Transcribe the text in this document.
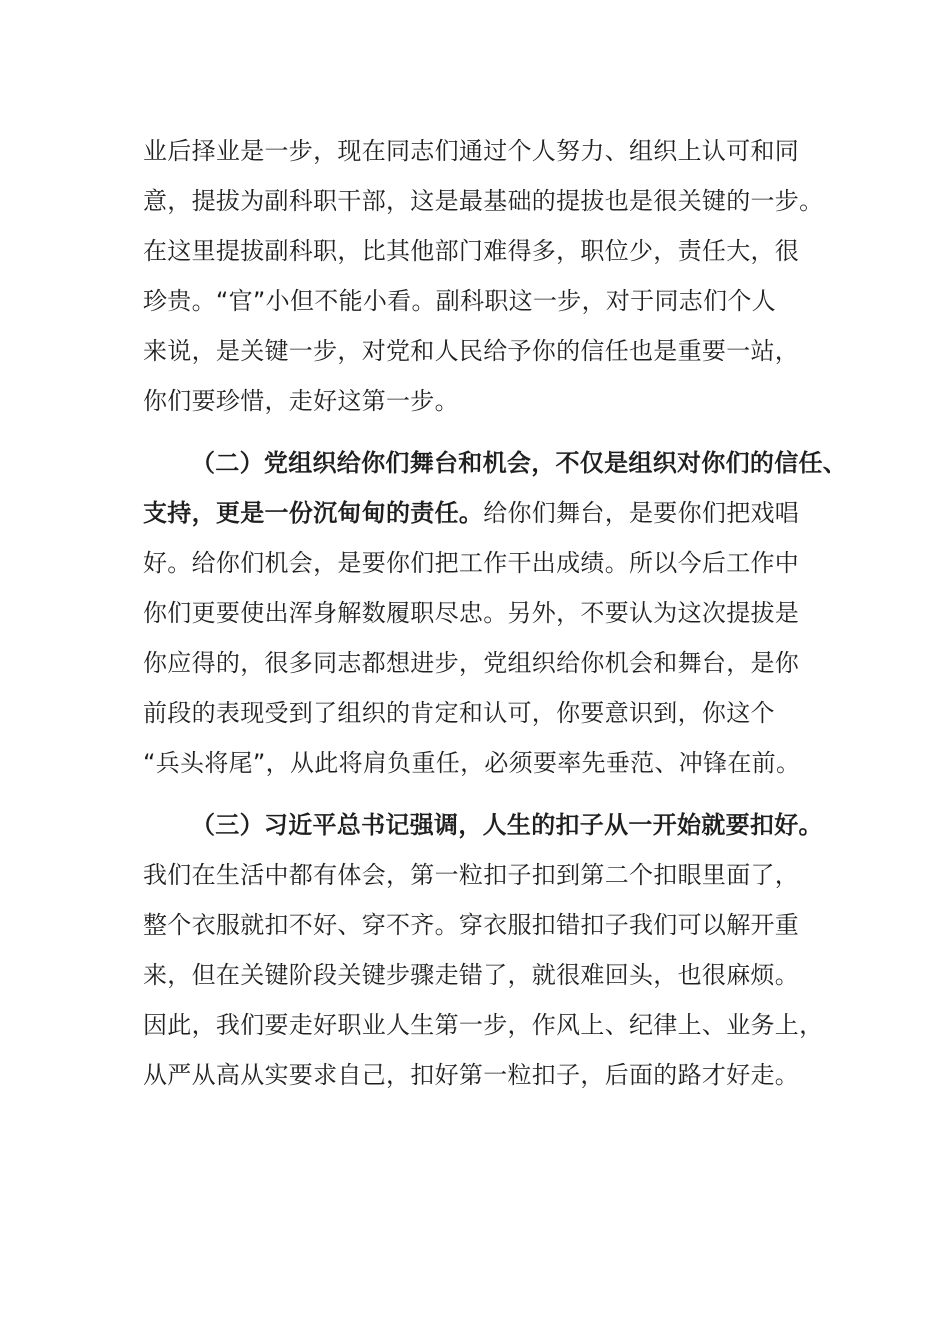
业后择业是一步，现在同志们通过个人努力、组织上认可和同
意，提拔为副科职干部，这是最基础的提拔也是很关键的一步。
在这里提拔副科职，比其他部门难得多，职位少，责任大，很
珍贵。“官”小但不能小看。副科职这一步，对于同志们个人
来说，是关键一步，对党和人民给予你的信任也是重要一站，
你们要珍惜，走好这第一步。
（二）党组织给你们舞台和机会，不仅是组织对你们的信任、
支持，更是一份沉甸甸的责任。给你们舞台，是要你们把戏唱
好。给你们机会，是要你们把工作干出成绩。所以今后工作中
你们更要使出浑身解数履职尽忠。另外，不要认为这次提拔是
你应得的，很多同志都想进步，党组织给你机会和舞台，是你
前段的表现受到了组织的肯定和认可，你要意识到，你这个
“兵头将尾”，从此将肩负重任，必须要率先垂范、冲锋在前。
（三）习近平总书记强调，人生的扣子从一开始就要扣好。
我们在生活中都有体会，第一粒扣子扣到第二个扣眼里面了，
整个衣服就扣不好、穿不齐。穿衣服扣错扣子我们可以解开重
来，但在关键阶段关键步骤走错了，就很难回头，也很麻烦。
因此，我们要走好职业人生第一步，作风上、纪律上、业务上，
从严从高从实要求自己，扣好第一粒扣子，后面的路才好走。
